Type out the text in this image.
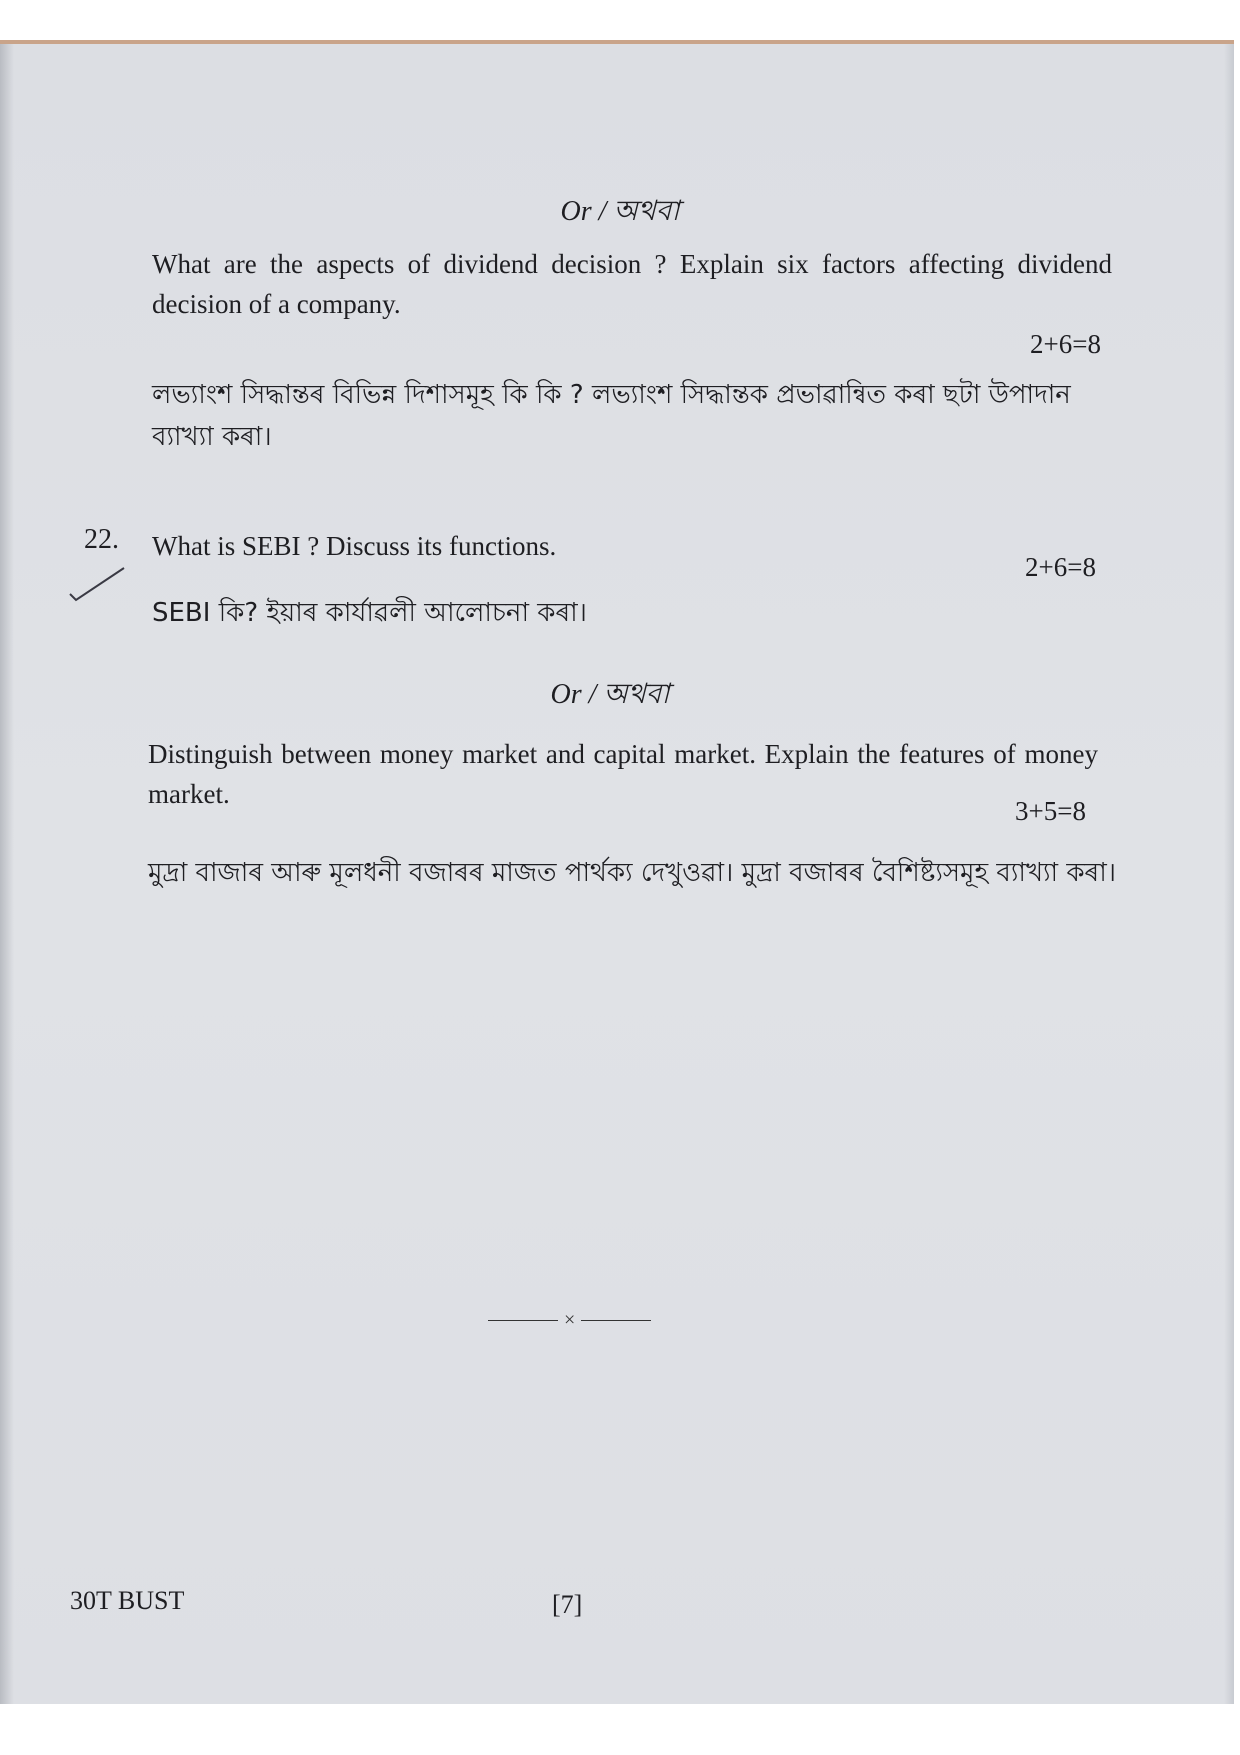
Or / অথবা
What are the aspects of dividend decision ? Explain six factors affecting dividend decision of a company.
2+6=8
লভ্যাংশ সিদ্ধান্তৰ বিভিন্ন দিশাসমূহ কি কি ? লভ্যাংশ সিদ্ধান্তক প্ৰভাৱান্বিত কৰা ছটা উপাদান ব্যাখ্যা কৰা।
22. What is SEBI ? Discuss its functions.
2+6=8
SEBI কি? ইয়াৰ কাৰ্যাৱলী আলোচনা কৰা।
Or / অথবা
Distinguish between money market and capital market. Explain the features of money market.
3+5=8
মুদ্ৰা বাজাৰ আৰু মূলধনী বজাৰৰ মাজত পাৰ্থক্য দেখুওৱা। মুদ্ৰা বজাৰৰ বৈশিষ্ট্যসমূহ ব্যাখ্যা কৰা।
×
30T BUST	[7]
